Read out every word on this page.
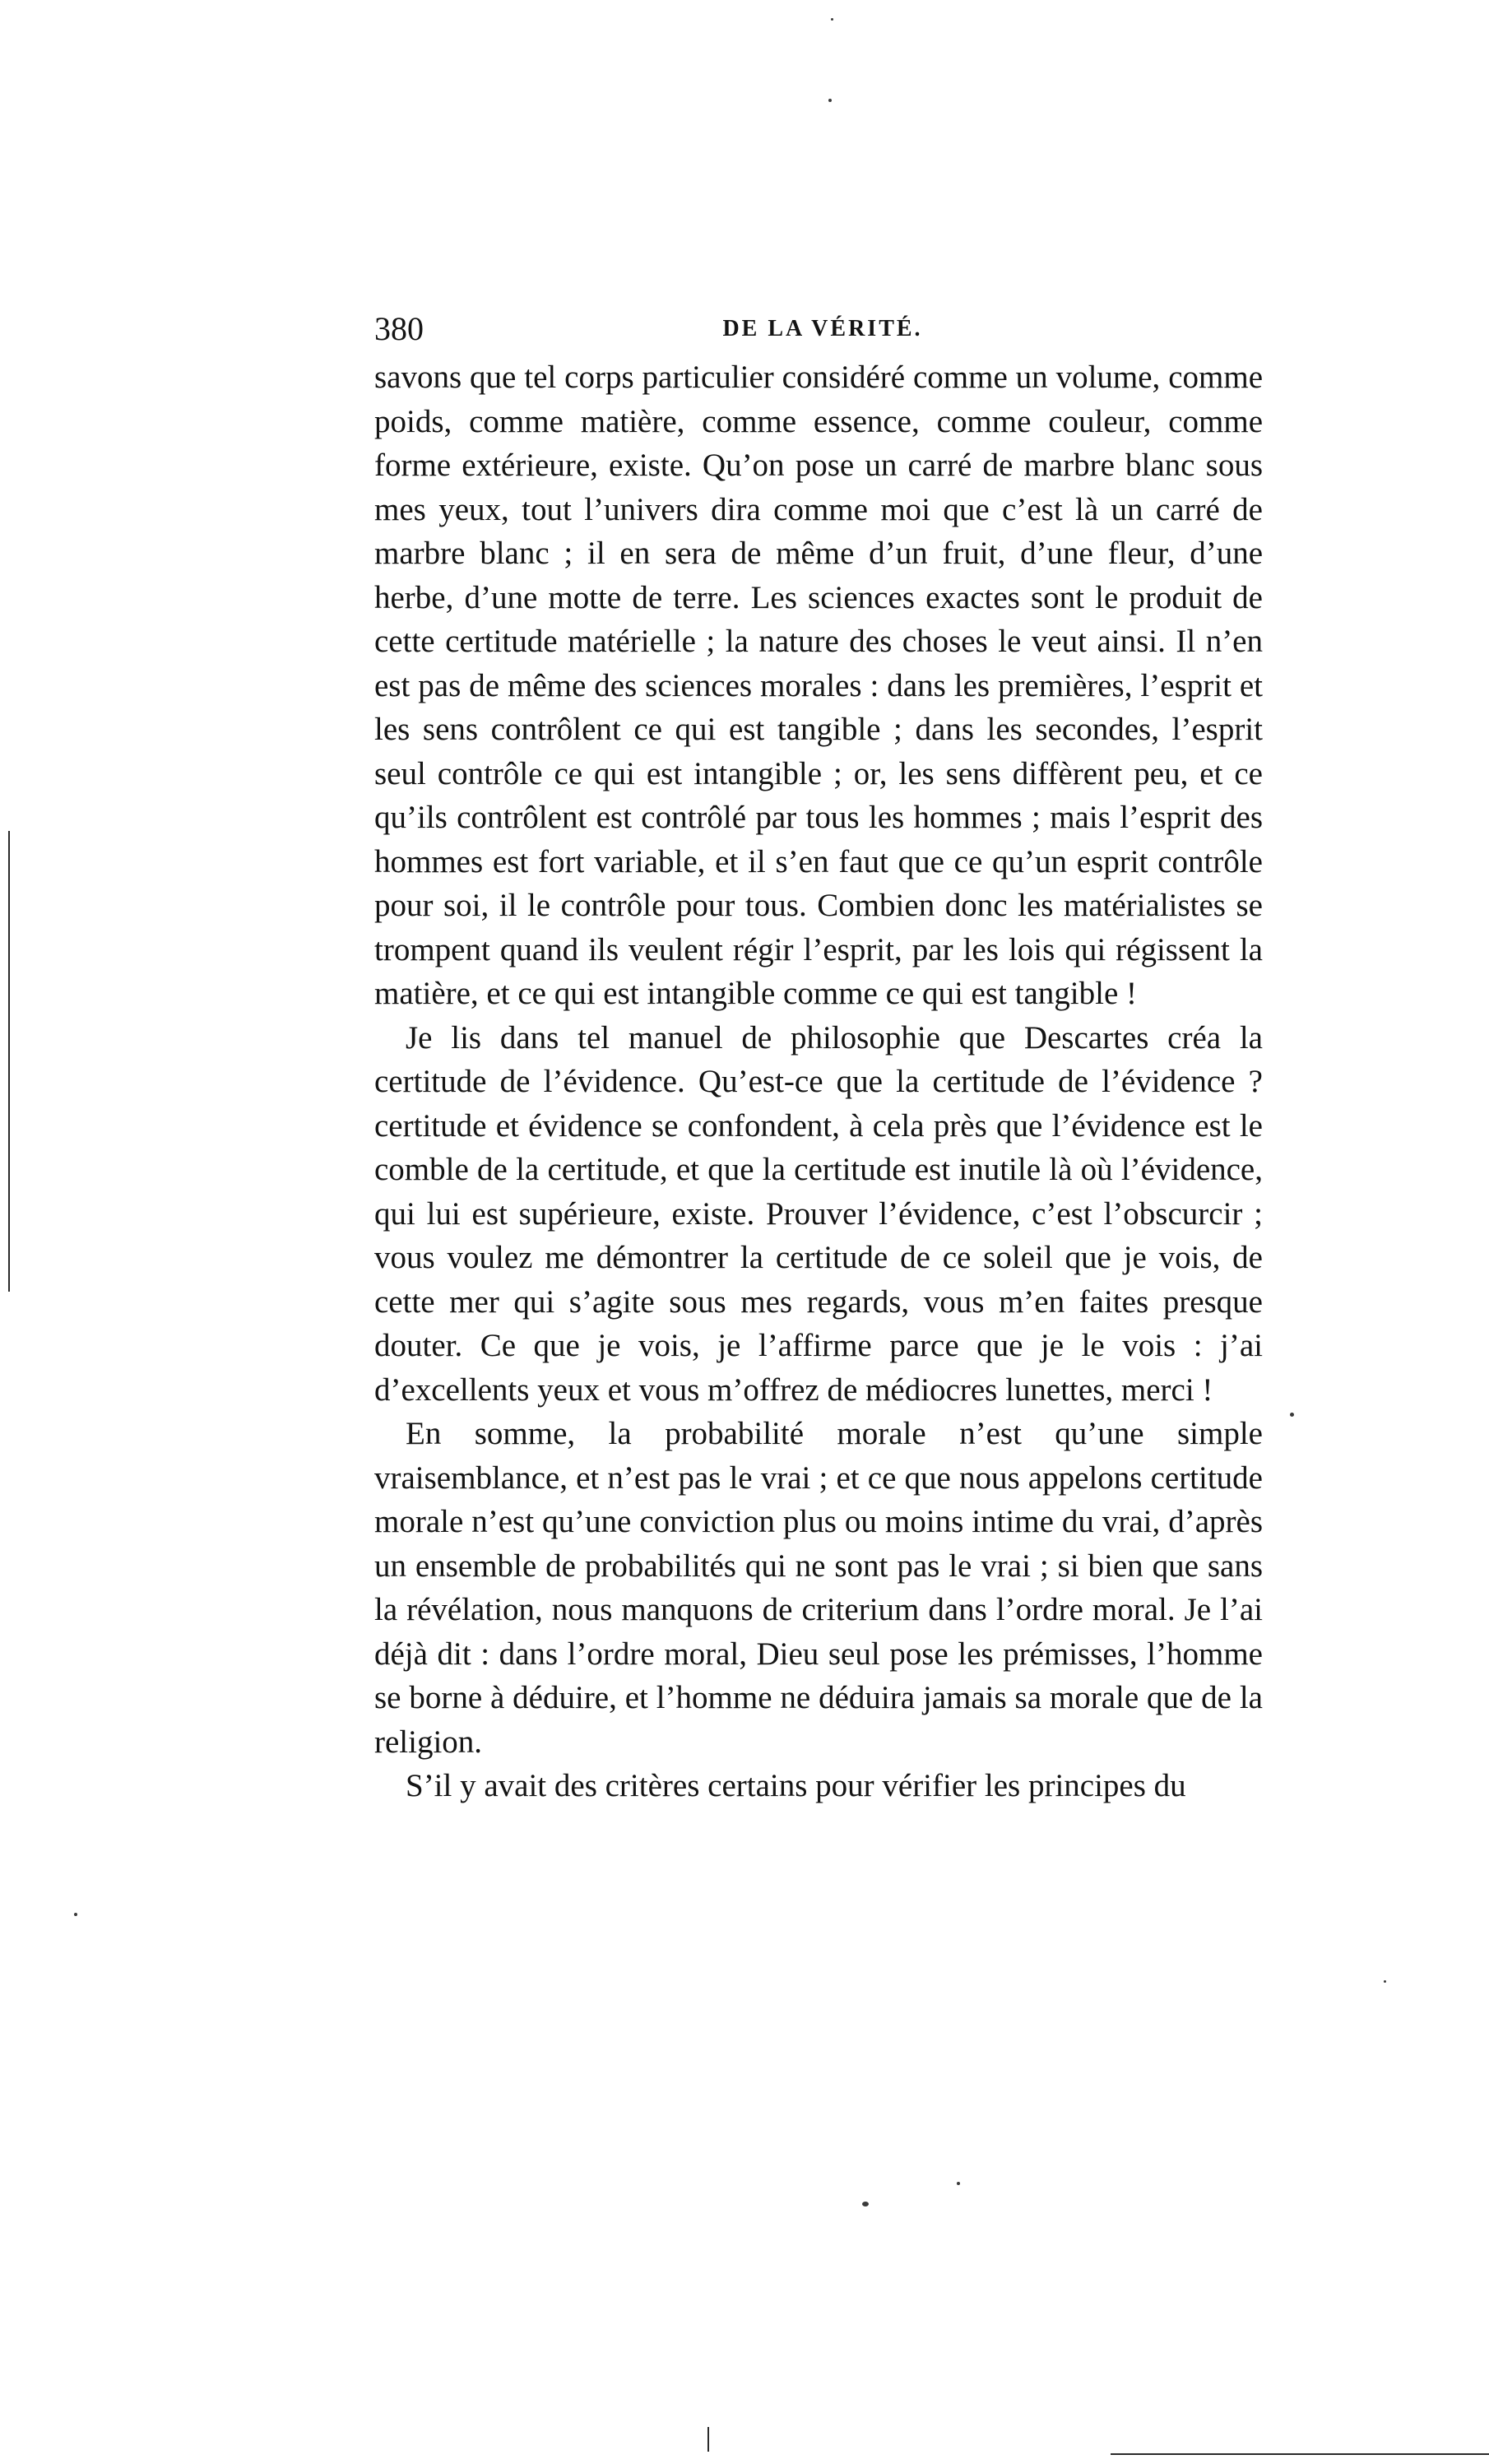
380	DE LA VÉRITÉ.

savons que tel corps particulier considéré comme un volume, comme poids, comme matière, comme essence, comme couleur, comme forme extérieure, existe. Qu’on pose un carré de marbre blanc sous mes yeux, tout l’univers dira comme moi que c’est là un carré de marbre blanc ; il en sera de même d’un fruit, d’une fleur, d’une herbe, d’une motte de terre. Les sciences exactes sont le produit de cette certitude matérielle ; la nature des choses le veut ainsi. Il n’en est pas de même des sciences morales : dans les premières, l’esprit et les sens contrôlent ce qui est tangible ; dans les secondes, l’esprit seul contrôle ce qui est intangible ; or, les sens diffèrent peu, et ce qu’ils contrôlent est contrôlé par tous les hommes ; mais l’esprit des hommes est fort variable, et il s’en faut que ce qu’un esprit contrôle pour soi, il le contrôle pour tous. Combien donc les matérialistes se trompent quand ils veulent régir l’esprit, par les lois qui régissent la matière, et ce qui est intangible comme ce qui est tangible !

Je lis dans tel manuel de philosophie que Descartes créa la certitude de l’évidence. Qu’est-ce que la certitude de l’évidence ? certitude et évidence se confondent, à cela près que l’évidence est le comble de la certitude, et que la certitude est inutile là où l’évidence, qui lui est supérieure, existe. Prouver l’évidence, c’est l’obscurcir ; vous voulez me démontrer la certitude de ce soleil que je vois, de cette mer qui s’agite sous mes regards, vous m’en faites presque douter. Ce que je vois, je l’affirme parce que je le vois : j’ai d’excellents yeux et vous m’offrez de médiocres lunettes, merci !

En somme, la probabilité morale n’est qu’une simple vraisemblance, et n’est pas le vrai ; et ce que nous appelons certitude morale n’est qu’une conviction plus ou moins intime du vrai, d’après un ensemble de probabilités qui ne sont pas le vrai ; si bien que sans la révélation, nous manquons de criterium dans l’ordre moral. Je l’ai déjà dit : dans l’ordre moral, Dieu seul pose les prémisses, l’homme se borne à déduire, et l’homme ne déduira jamais sa morale que de la religion.

S’il y avait des critères certains pour vérifier les principes du
